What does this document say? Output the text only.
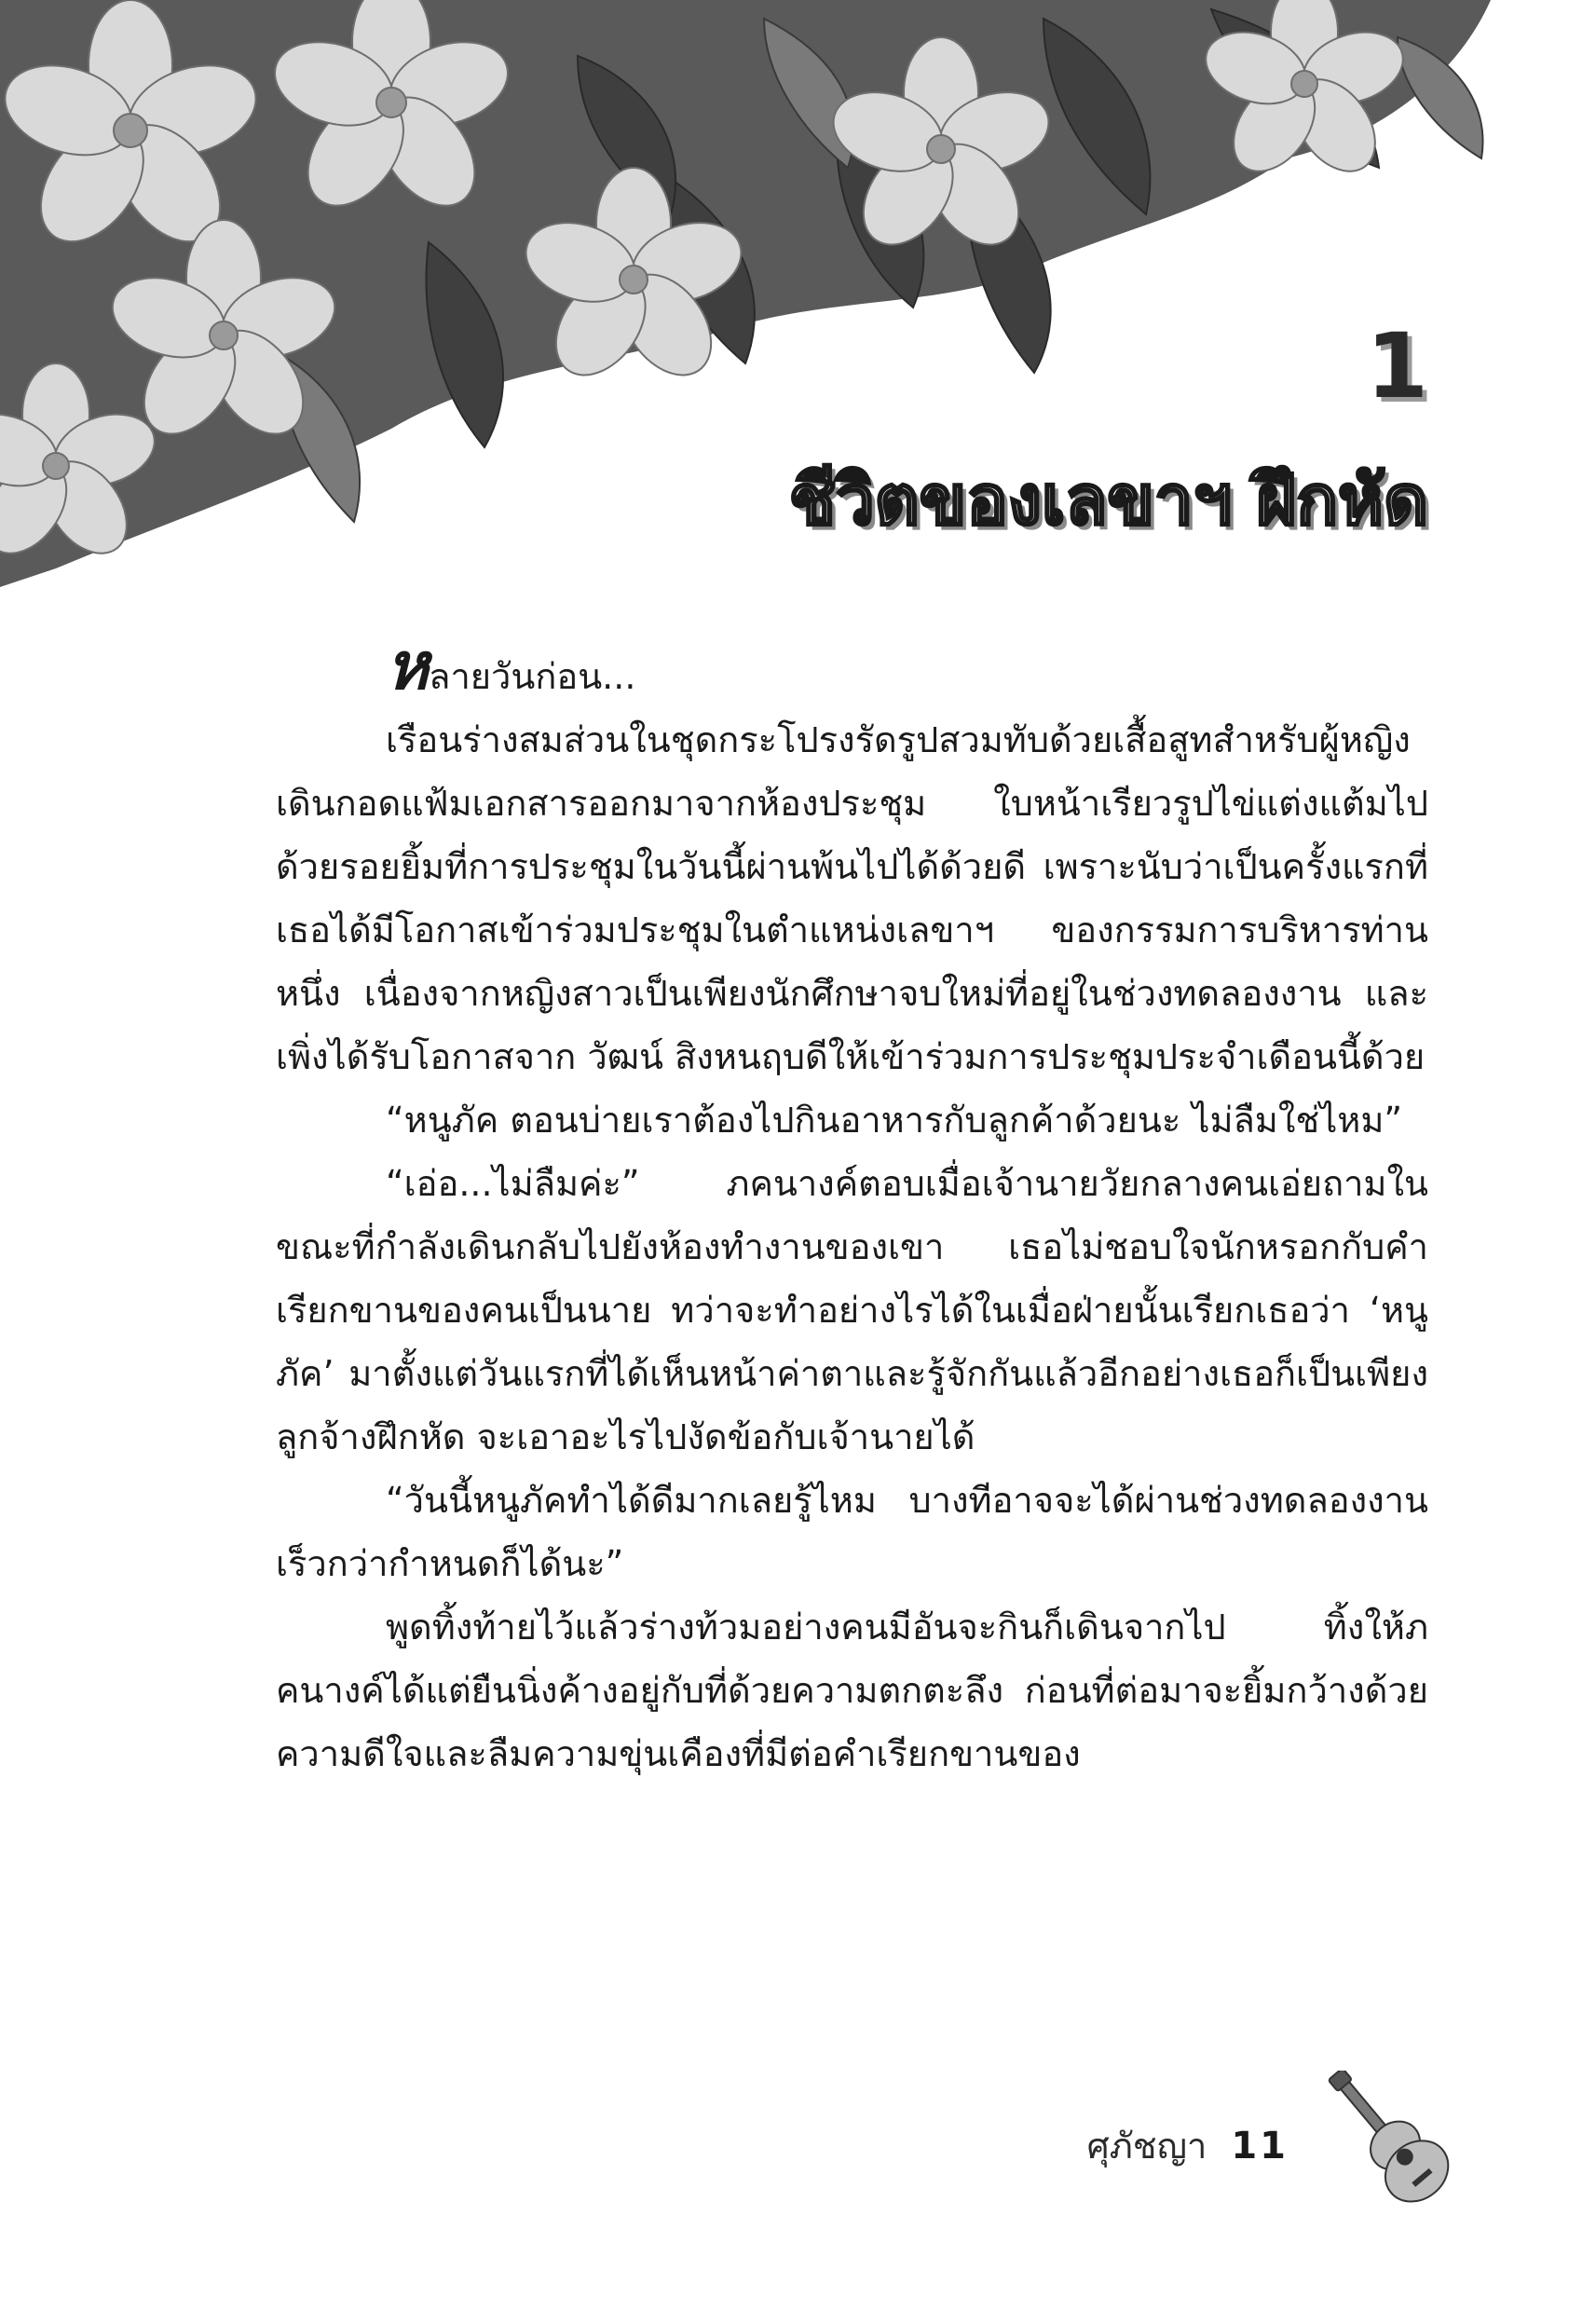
1
ชีวิตของเลขาฯ ฝึกหัด

หลายวันก่อน...

เรือนร่างสมส่วนในชุดกระโปรงรัดรูปสวมทับด้วยเสื้อสูทสำหรับผู้หญิงเดินกอดแฟ้มเอกสารออกมาจากห้องประชุม ใบหน้าเรียวรูปไข่แต่งแต้มไปด้วยรอยยิ้มที่การประชุมในวันนี้ผ่านพ้นไปได้ด้วยดี เพราะนับว่าเป็นครั้งแรกที่เธอได้มีโอกาสเข้าร่วมประชุมในตำแหน่งเลขาฯ ของกรรมการบริหารท่านหนึ่ง เนื่องจากหญิงสาวเป็นเพียงนักศึกษาจบใหม่ที่อยู่ในช่วงทดลองงาน และเพิ่งได้รับโอกาสจาก วัฒน์ สิงหนฤบดีให้เข้าร่วมการประชุมประจำเดือนนี้ด้วย

“หนูภัค ตอนบ่ายเราต้องไปกินอาหารกับลูกค้าด้วยนะ ไม่ลืมใช่ไหม”

“เอ่อ...ไม่ลืมค่ะ” ภคนางค์ตอบเมื่อเจ้านายวัยกลางคนเอ่ยถามในขณะที่กำลังเดินกลับไปยังห้องทำงานของเขา เธอไม่ชอบใจนักหรอกกับคำเรียกขานของคนเป็นนาย ทว่าจะทำอย่างไรได้ในเมื่อฝ่ายนั้นเรียกเธอว่า ‘หนูภัค’ มาตั้งแต่วันแรกที่ได้เห็นหน้าค่าตาและรู้จักกันแล้วอีกอย่างเธอก็เป็นเพียงลูกจ้างฝึกหัด จะเอาอะไรไปงัดข้อกับเจ้านายได้

“วันนี้หนูภัคทำได้ดีมากเลยรู้ไหม บางทีอาจจะได้ผ่านช่วงทดลองงานเร็วกว่ากำหนดก็ได้นะ”

พูดทิ้งท้ายไว้แล้วร่างท้วมอย่างคนมีอันจะกินก็เดินจากไป ทิ้งให้ภคนางค์ได้แต่ยืนนิ่งค้างอยู่กับที่ด้วยความตกตะลึง ก่อนที่ต่อมาจะยิ้มกว้างด้วยความดีใจและลืมความขุ่นเคืองที่มีต่อคำเรียกขานของ

ศุภัชญา 11
